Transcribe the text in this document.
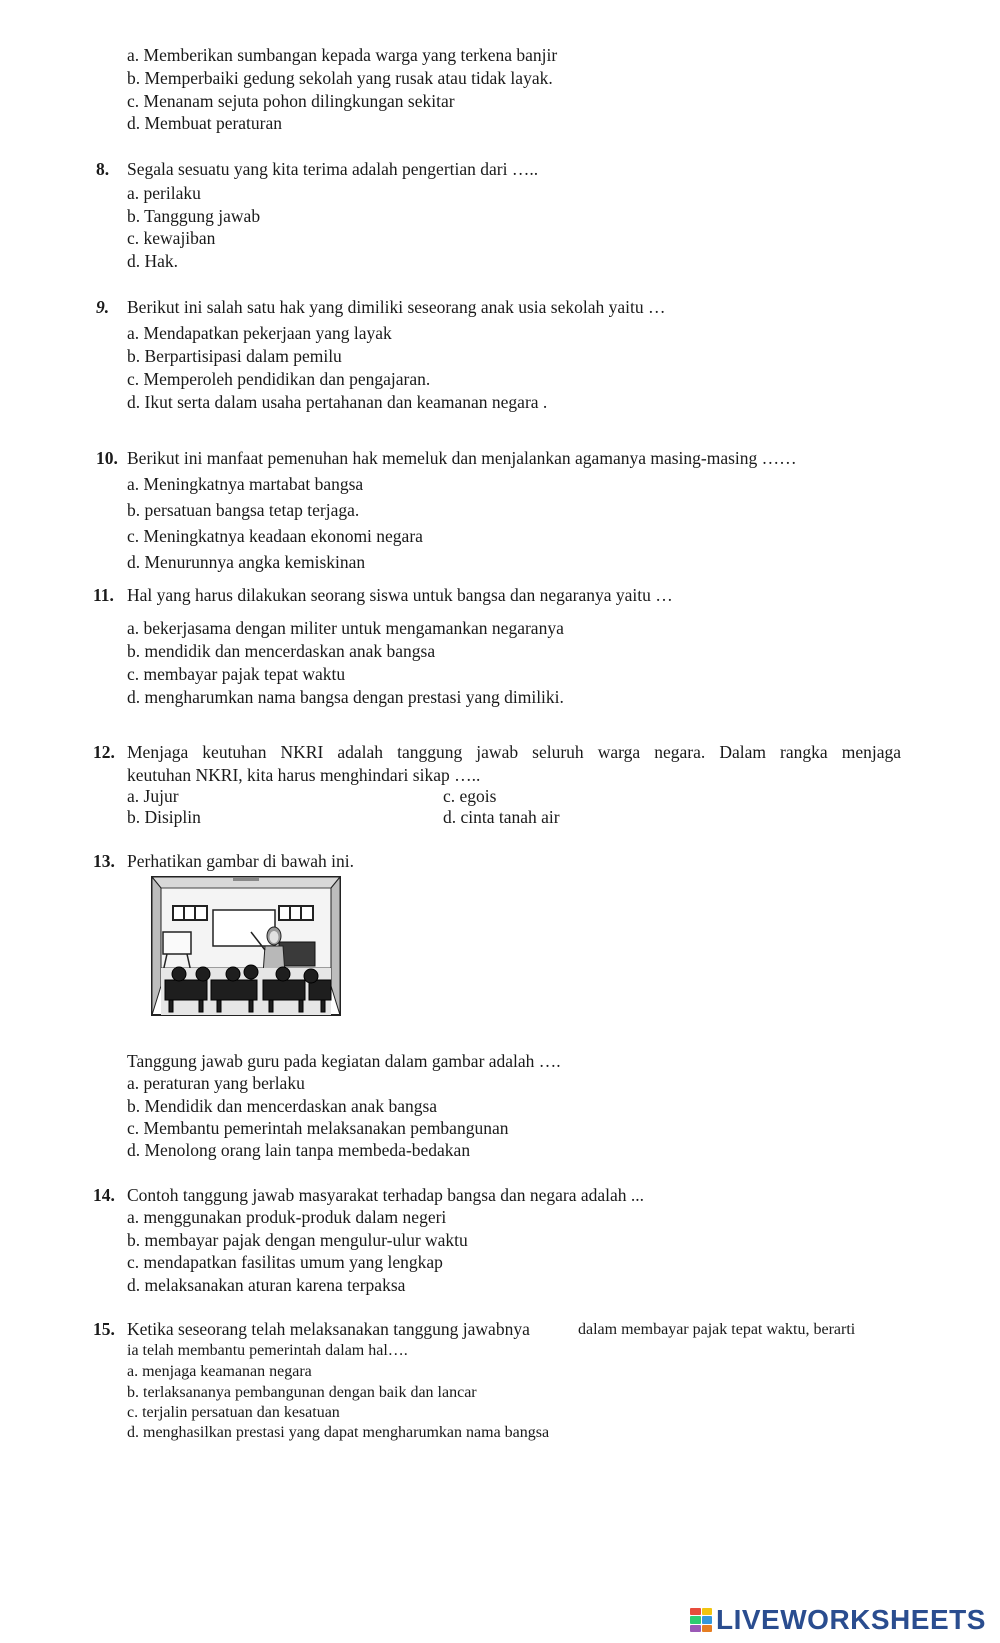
a. Memberikan sumbangan kepada warga yang terkena banjir
b. Memperbaiki gedung sekolah yang rusak atau tidak layak.
c. Menanam sejuta pohon dilingkungan sekitar
d. Membuat peraturan
8. Segala sesuatu yang kita terima adalah pengertian dari …..
a. perilaku
b. Tanggung jawab
c. kewajiban
d. Hak.
9. Berikut ini salah satu hak yang dimiliki seseorang anak usia sekolah yaitu …
a. Mendapatkan pekerjaan yang layak
b. Berpartisipasi dalam pemilu
c. Memperoleh pendidikan dan pengajaran.
d. Ikut serta dalam usaha pertahanan dan keamanan negara .
10. Berikut ini manfaat pemenuhan hak memeluk dan menjalankan agamanya masing-masing ……
a. Meningkatnya martabat bangsa
b. persatuan bangsa tetap terjaga.
c. Meningkatnya keadaan ekonomi negara
d. Menurunnya angka kemiskinan
11. Hal yang harus dilakukan seorang siswa untuk bangsa dan negaranya yaitu …
a. bekerjasama dengan militer untuk mengamankan negaranya
b. mendidik dan mencerdaskan anak bangsa
c. membayar pajak tepat waktu
d. mengharumkan nama bangsa dengan prestasi yang dimiliki.
12. Menjaga keutuhan NKRI adalah tanggung jawab seluruh warga negara. Dalam rangka menjaga
keutuhan NKRI, kita harus menghindari sikap …..
a. Jujur	c. egois
b. Disiplin	d. cinta tanah air
13. Perhatikan gambar di bawah ini.
Tanggung jawab guru pada kegiatan dalam gambar adalah ….
a. peraturan yang berlaku
b. Mendidik dan mencerdaskan anak bangsa
c. Membantu pemerintah melaksanakan pembangunan
d. Menolong orang lain tanpa membeda-bedakan
14. Contoh tanggung jawab masyarakat terhadap bangsa dan negara adalah ...
a. menggunakan produk-produk dalam negeri
b. membayar pajak dengan mengulur-ulur waktu
c. mendapatkan fasilitas umum yang lengkap
d. melaksanakan aturan karena terpaksa
15. Ketika seseorang telah melaksanakan tanggung jawabnya	dalam membayar pajak tepat waktu, berarti
ia telah membantu pemerintah dalam hal….
a. menjaga keamanan negara
b. terlaksananya pembangunan dengan baik dan lancar
c. terjalin persatuan dan kesatuan
d. menghasilkan prestasi yang dapat mengharumkan nama bangsa
LIVEWORKSHEETS
